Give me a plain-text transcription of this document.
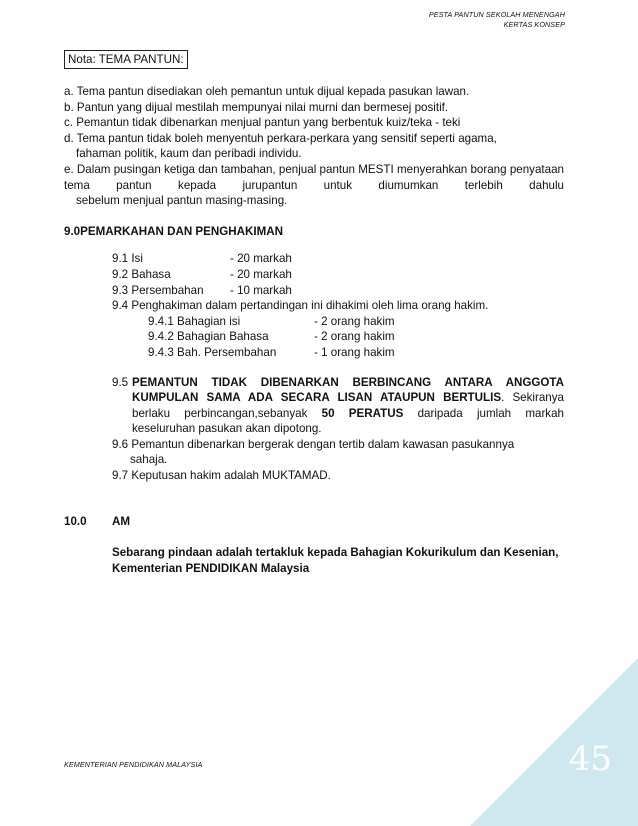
PESTA PANTUN SEKOLAH MENENGAH
KERTAS KONSEP
Nota: TEMA PANTUN:
a. Tema pantun disediakan oleh pemantun untuk dijual kepada pasukan lawan.
b. Pantun yang dijual mestilah mempunyai nilai murni dan bermesej positif.
c. Pemantun tidak dibenarkan menjual pantun yang berbentuk kuiz/teka - teki
d. Tema pantun tidak boleh menyentuh perkara-perkara yang sensitif seperti agama,
fahaman politik, kaum dan peribadi individu.
e. Dalam pusingan ketiga dan tambahan, penjual pantun MESTI menyerahkan borang penyataan tema pantun kepada jurupantun untuk diumumkan terlebih dahulu
sebelum menjual pantun masing-masing.
9.0PEMARKAHAN DAN PENGHAKIMAN
9.1 Isi	- 20 markah
9.2 Bahasa	- 20 markah
9.3 Persembahan	- 10 markah
9.4 Penghakiman dalam pertandingan ini dihakimi oleh lima orang hakim.
9.4.1 Bahagian isi	- 2 orang hakim
9.4.2 Bahagian Bahasa	- 2 orang hakim
9.4.3 Bah. Persembahan	- 1 orang hakim
9.5 PEMANTUN TIDAK DIBENARKAN BERBINCANG ANTARA ANGGOTA KUMPULAN SAMA ADA SECARA LISAN ATAUPUN BERTULIS. Sekiranya berlaku perbincangan,sebanyak 50 PERATUS daripada jumlah markah keseluruhan pasukan akan dipotong.
9.6 Pemantun dibenarkan bergerak dengan tertib dalam kawasan pasukannya
sahaja.
9.7 Keputusan hakim adalah MUKTAMAD.
10.0	AM
Sebarang pindaan adalah tertakluk kepada Bahagian Kokurikulum dan Kesenian, Kementerian PENDIDIKAN Malaysia
45
KEMENTERIAN PENDIDIKAN MALAYSIA
